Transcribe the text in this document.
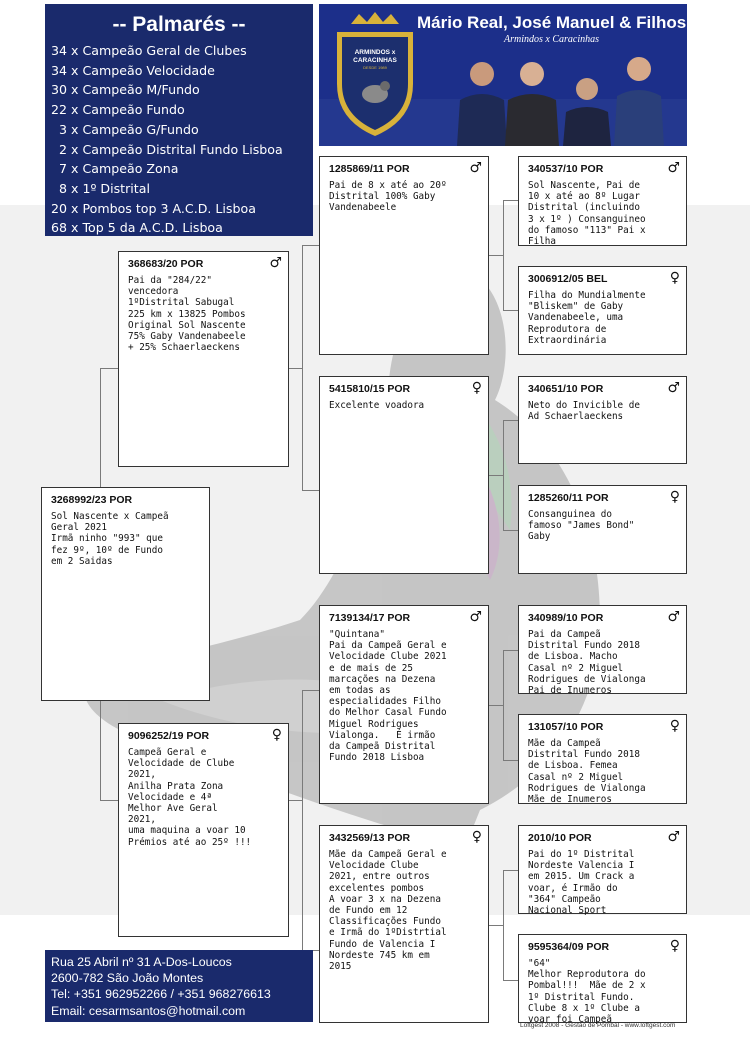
-- Palmarés --
34 x Campeão Geral de Clubes
34 x Campeão Velocidade
30 x Campeão M/Fundo
22 x Campeão Fundo
3 x Campeão G/Fundo
2 x Campeão Distrital Fundo Lisboa
7 x Campeão Zona
8 x 1º Distrital
20 x Pombos top 3 A.C.D. Lisboa
68 x Top 5 da A.C.D. Lisboa
ARMINDOS x
CARACINHAS
DESDE 1989
Mário Real, José Manuel & Filhos
Armindos x Caracinhas
3268992/23 POR
Sol Nascente x Campeã
Geral 2021
Irmã ninho "993" que
fez 9º, 10º de Fundo
em 2 Saidas
368683/20 POR	♂
Pai da "284/22"
vencedora
1ºDistrital Sabugal
225 km x 13825 Pombos
Original Sol Nascente
75% Gaby Vandenabeele
+ 25% Schaerlaeckens
9096252/19 POR	♀
Campeã Geral e
Velocidade de Clube
2021,
Anilha Prata Zona
Velocidade e 4ª
Melhor Ave Geral
2021,
uma maquina a voar 10
Prémios até ao 25º !!!
1285869/11 POR	♂
Pai de 8 x até ao 20º
Distrital 100% Gaby
Vandenabeele
5415810/15 POR	♀
Excelente voadora
7139134/17 POR	♂
"Quintana"
Pai da Campeã Geral e
Velocidade Clube 2021
e de mais de 25
marcações na Dezena
em todas as
especialidades Filho
do Melhor Casal Fundo
Miguel Rodrigues
Vialonga.   É irmão
da Campeã Distrital
Fundo 2018 Lisboa
3432569/13 POR	♀
Mãe da Campeã Geral e
Velocidade Clube
2021, entre outros
excelentes pombos
A voar 3 x na Dezena
de Fundo em 12
Classificações Fundo
e Irmã do 1ºDistrtial
Fundo de Valencia I
Nordeste 745 km em
2015
340537/10 POR	♂
Sol Nascente, Pai de
10 x até ao 8º Lugar
Distrital (incluindo
3 x 1º ) Consanguineo
do famoso "113" Pai x
Filha
3006912/05 BEL	♀
Filha do Mundialmente
"Bliskem" de Gaby
Vandenabeele, uma
Reprodutora de
Extraordinária
340651/10 POR	♂
Neto do Invicible de
Ad Schaerlaeckens
1285260/11 POR	♀
Consanguinea do
famoso "James Bond"
Gaby
340989/10 POR	♂
Pai da Campeã
Distrital Fundo 2018
de Lisboa. Macho
Casal nº 2 Miguel
Rodrigues de Vialonga
Pai de Inumeros
131057/10 POR	♀
Mãe da Campeã
Distrital Fundo 2018
de Lisboa. Femea
Casal nº 2 Miguel
Rodrigues de Vialonga
Mãe de Inumeros
2010/10 POR	♂
Pai do 1º Distrital
Nordeste Valencia I
em 2015. Um Crack a
voar, é Irmão do
"364" Campeão
Nacional Sport
9595364/09 POR	♀
"64"
Melhor Reprodutora do
Pombal!!!  Mãe de 2 x
1º Distrital Fundo.
Clube 8 x 1º Clube a
voar foi Campeã
Rua 25 Abril nº 31 A-Dos-Loucos
2600-782 São João Montes
Tel: +351 962952266 / +351 968276613
Email: cesarmsantos@hotmail.com
Loftgest 2008 - Gestão de Pombal - www.loftgest.com
